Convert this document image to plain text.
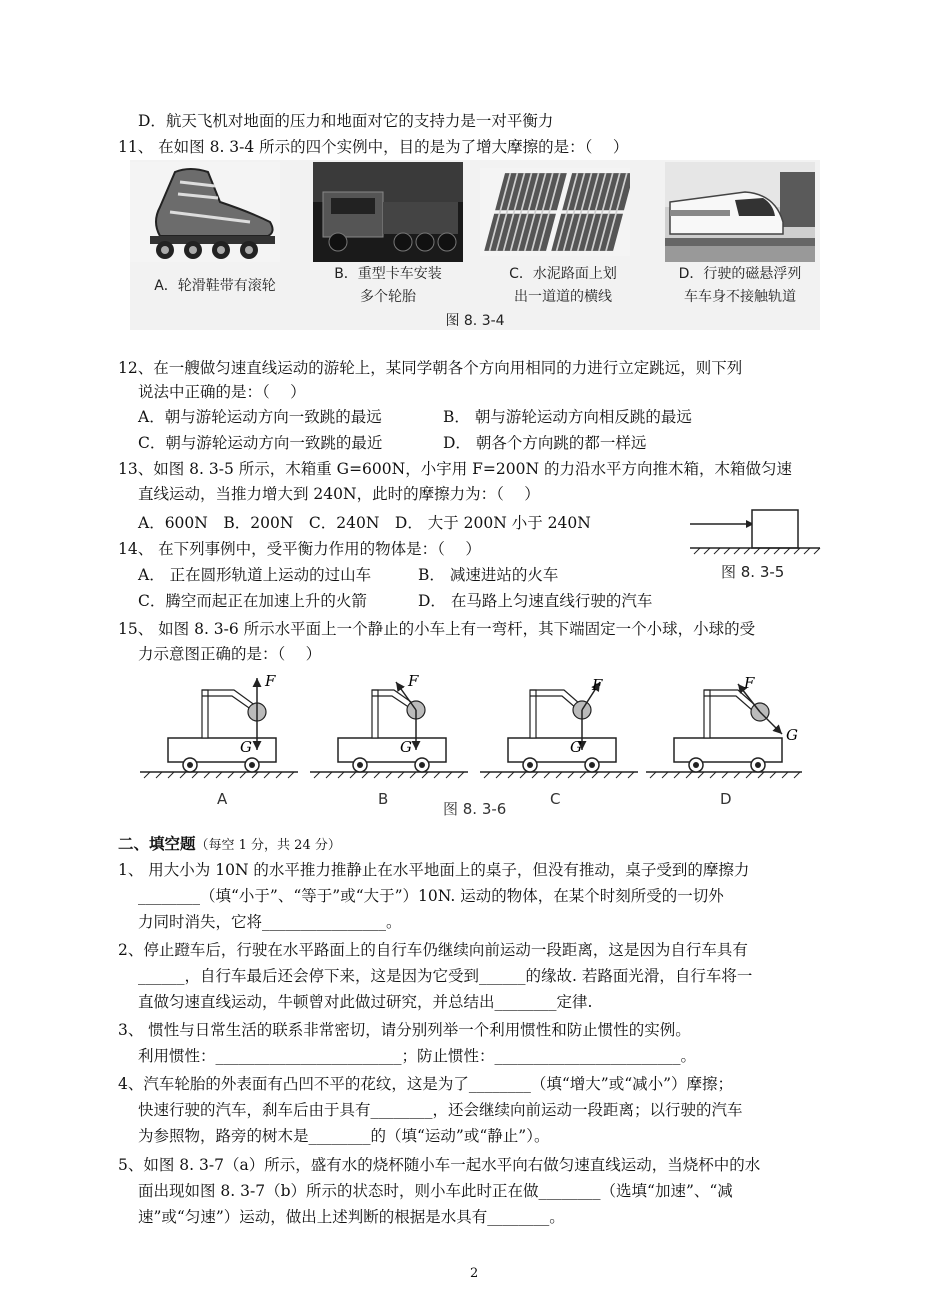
D．航天飞机对地面的压力和地面对它的支持力是一对平衡力
11、 在如图 8. 3-4 所示的四个实例中，目的是为了增大摩擦的是：（　 ）
A．轮滑鞋带有滚轮
B．重型卡车安装
多个轮胎
C．水泥路面上划
出一道道的横线
D．行驶的磁悬浮列
车车身不接触轨道
图 8. 3-4
12、在一艘做匀速直线运动的游轮上，某同学朝各个方向用相同的力进行立定跳远，则下列
说法中正确的是：（　 ）
A．朝与游轮运动方向一致跳的最远	B． 朝与游轮运动方向相反跳的最远
C．朝与游轮运动方向一致跳的最近	D． 朝各个方向跳的都一样远
13、如图 8. 3-5 所示，木箱重 G=600N，小宇用 F=200N 的力沿水平方向推木箱，木箱做匀速
直线运动，当推力增大到 240N，此时的摩擦力为：（　 ）
A．600N　B．200N　C．240N　D． 大于 200N 小于 240N
图 8. 3-5
14、 在下列事例中，受平衡力作用的物体是：（　 ）
A． 正在圆形轨道上运动的过山车	B． 减速进站的火车
C．腾空而起正在加速上升的火箭	D． 在马路上匀速直线行驶的汽车
15、 如图 8. 3-6 所示水平面上一个静止的小车上有一弯杆，其下端固定一个小球，小球的受
力示意图正确的是：（　 ）
F
G
F
G
F
G
F
G
A	B	C	D
图 8. 3-6
二、填空题（每空 1 分，共 24 分）
1、 用大小为 10N 的水平推力推静止在水平地面上的桌子，但没有推动，桌子受到的摩擦力
________（填“小于”、“等于”或“大于”）10N. 运动的物体，在某个时刻所受的一切外
力同时消失，它将________________。
2、停止蹬车后，行驶在水平路面上的自行车仍继续向前运动一段距离，这是因为自行车具有
______，自行车最后还会停下来，这是因为它受到______的缘故. 若路面光滑，自行车将一
直做匀速直线运动，牛顿曾对此做过研究，并总结出________定律.
3、 惯性与日常生活的联系非常密切，请分别列举一个利用惯性和防止惯性的实例。
利用惯性：________________________；防止惯性：________________________。
4、汽车轮胎的外表面有凸凹不平的花纹，这是为了________（填“增大”或“减小”）摩擦；
快速行驶的汽车，刹车后由于具有________，还会继续向前运动一段距离；以行驶的汽车
为参照物，路旁的树木是________的（填“运动”或“静止”）。
5、如图 8. 3-7（a）所示，盛有水的烧杯随小车一起水平向右做匀速直线运动，当烧杯中的水
面出现如图 8. 3-7（b）所示的状态时，则小车此时正在做________（选填“加速”、“减
速”或“匀速”）运动，做出上述判断的根据是水具有________。
2
